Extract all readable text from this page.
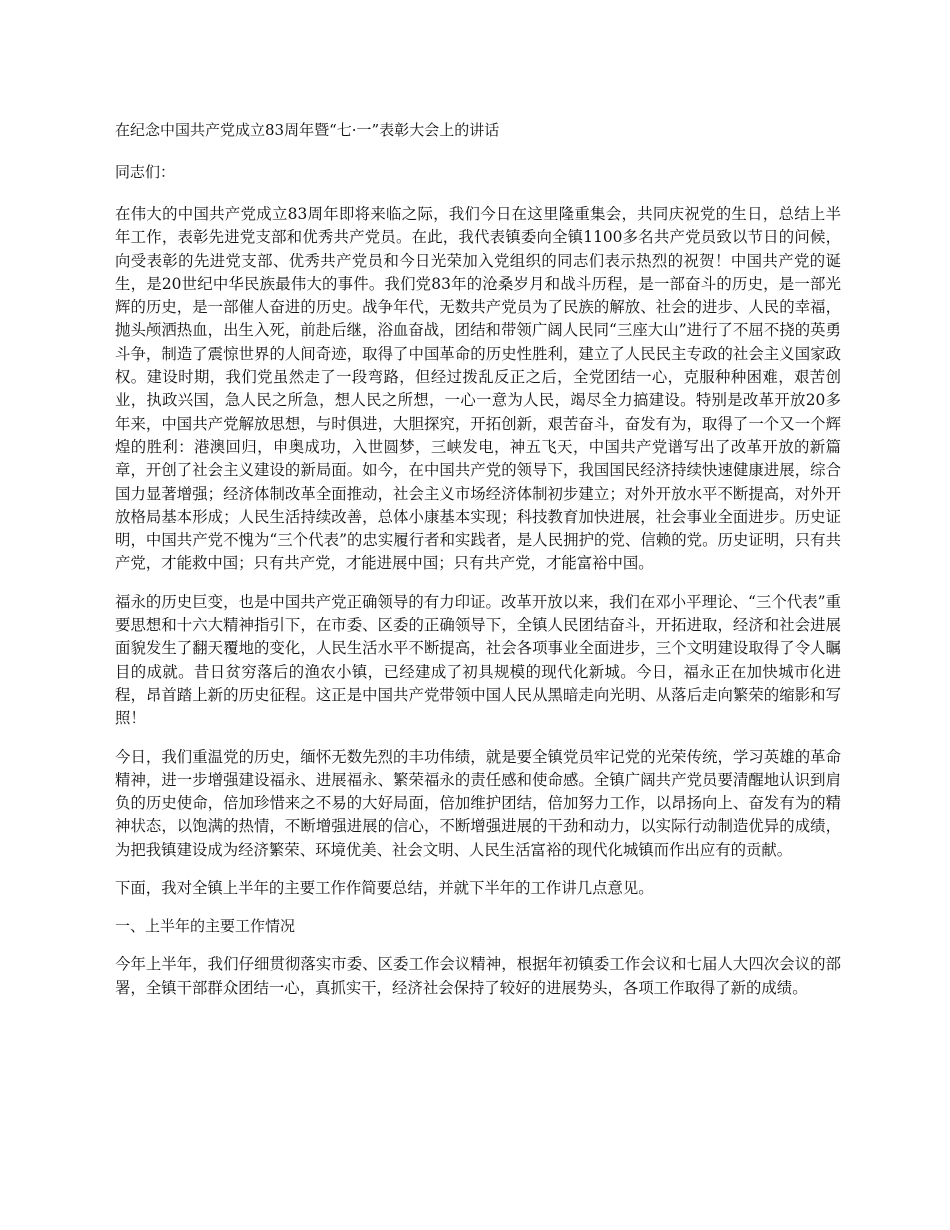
在纪念中国共产党成立83周年暨“七·一”表彰大会上的讲话
同志们：

在伟大的中国共产党成立83周年即将来临之际，我们今日在这里隆重集会，共同庆祝党的生日，总结上半年工作，表彰先进党支部和优秀共产党员。在此，我代表镇委向全镇1100多名共产党员致以节日的问候，向受表彰的先进党支部、优秀共产党员和今日光荣加入党组织的同志们表示热烈的祝贺！中国共产党的诞生，是20世纪中华民族最伟大的事件。我们党83年的沧桑岁月和战斗历程，是一部奋斗的历史，是一部光辉的历史，是一部催人奋进的历史。战争年代，无数共产党员为了民族的解放、社会的进步、人民的幸福，抛头颅洒热血，出生入死，前赴后继，浴血奋战，团结和带领广阔人民同“三座大山”进行了不屈不挠的英勇斗争，制造了震惊世界的人间奇迹，取得了中国革命的历史性胜利，建立了人民民主专政的社会主义国家政权。建设时期，我们党虽然走了一段弯路，但经过拨乱反正之后，全党团结一心，克服种种困难，艰苦创业，执政兴国，急人民之所急，想人民之所想，一心一意为人民，竭尽全力搞建设。特别是改革开放20多年来，中国共产党解放思想，与时俱进，大胆探究，开拓创新，艰苦奋斗，奋发有为，取得了一个又一个辉煌的胜利：港澳回归，申奥成功，入世圆梦，三峡发电，神五飞天，中国共产党谱写出了改革开放的新篇章，开创了社会主义建设的新局面。如今，在中国共产党的领导下，我国国民经济持续快速健康进展，综合国力显著增强；经济体制改革全面推动，社会主义市场经济体制初步建立；对外开放水平不断提高，对外开放格局基本形成；人民生活持续改善，总体小康基本实现；科技教育加快进展，社会事业全面进步。历史证明，中国共产党不愧为“三个代表”的忠实履行者和实践者，是人民拥护的党、信赖的党。历史证明，只有共产党，才能救中国；只有共产党，才能进展中国；只有共产党，才能富裕中国。

福永的历史巨变，也是中国共产党正确领导的有力印证。改革开放以来，我们在邓小平理论、“三个代表”重要思想和十六大精神指引下，在市委、区委的正确领导下，全镇人民团结奋斗，开拓进取，经济和社会进展面貌发生了翻天覆地的变化，人民生活水平不断提高，社会各项事业全面进步，三个文明建设取得了令人瞩目的成就。昔日贫穷落后的渔农小镇，已经建成了初具规模的现代化新城。今日，福永正在加快城市化进程，昂首踏上新的历史征程。这正是中国共产党带领中国人民从黑暗走向光明、从落后走向繁荣的缩影和写照！

今日，我们重温党的历史，缅怀无数先烈的丰功伟绩，就是要全镇党员牢记党的光荣传统，学习英雄的革命精神，进一步增强建设福永、进展福永、繁荣福永的责任感和使命感。全镇广阔共产党员要清醒地认识到肩负的历史使命，倍加珍惜来之不易的大好局面，倍加维护团结，倍加努力工作，以昂扬向上、奋发有为的精神状态，以饱满的热情，不断增强进展的信心，不断增强进展的干劲和动力，以实际行动制造优异的成绩，为把我镇建设成为经济繁荣、环境优美、社会文明、人民生活富裕的现代化城镇而作出应有的贡献。

下面，我对全镇上半年的主要工作作简要总结，并就下半年的工作讲几点意见。

一、上半年的主要工作情况

今年上半年，我们仔细贯彻落实市委、区委工作会议精神，根据年初镇委工作会议和七届人大四次会议的部署，全镇干部群众团结一心，真抓实干，经济社会保持了较好的进展势头，各项工作取得了新的成绩。
